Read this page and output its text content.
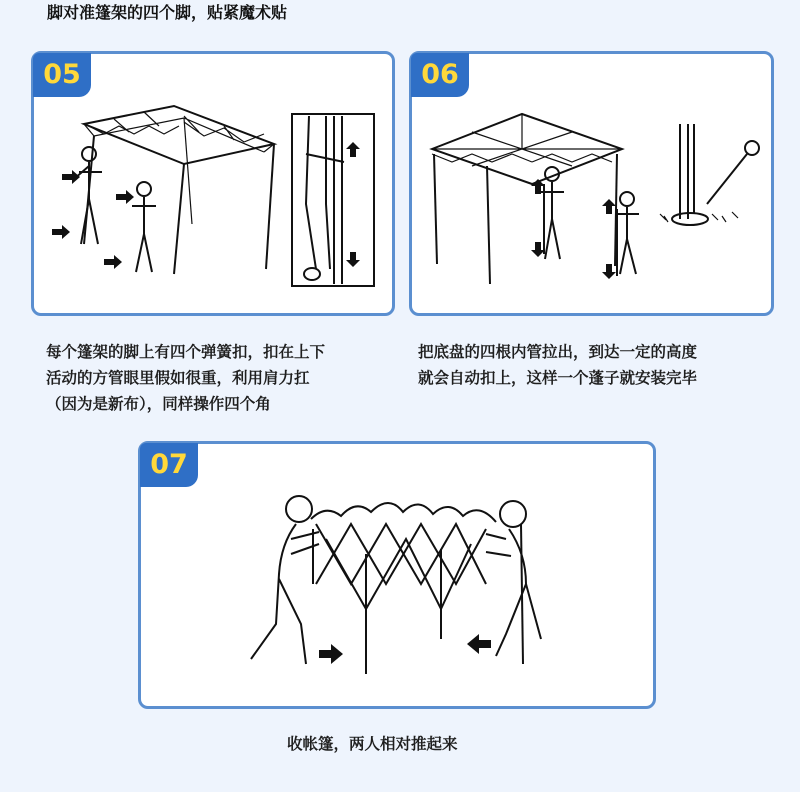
脚对准篷架的四个脚，贴紧魔术贴
05
每个篷架的脚上有四个弹簧扣，扣在上下
活动的方管眼里假如很重，利用肩力扛
（因为是新布），同样操作四个角
06
把底盘的四根内管拉出，到达一定的高度
就会自动扣上，这样一个蓬子就安装完毕
07
收帐篷，两人相对推起来
